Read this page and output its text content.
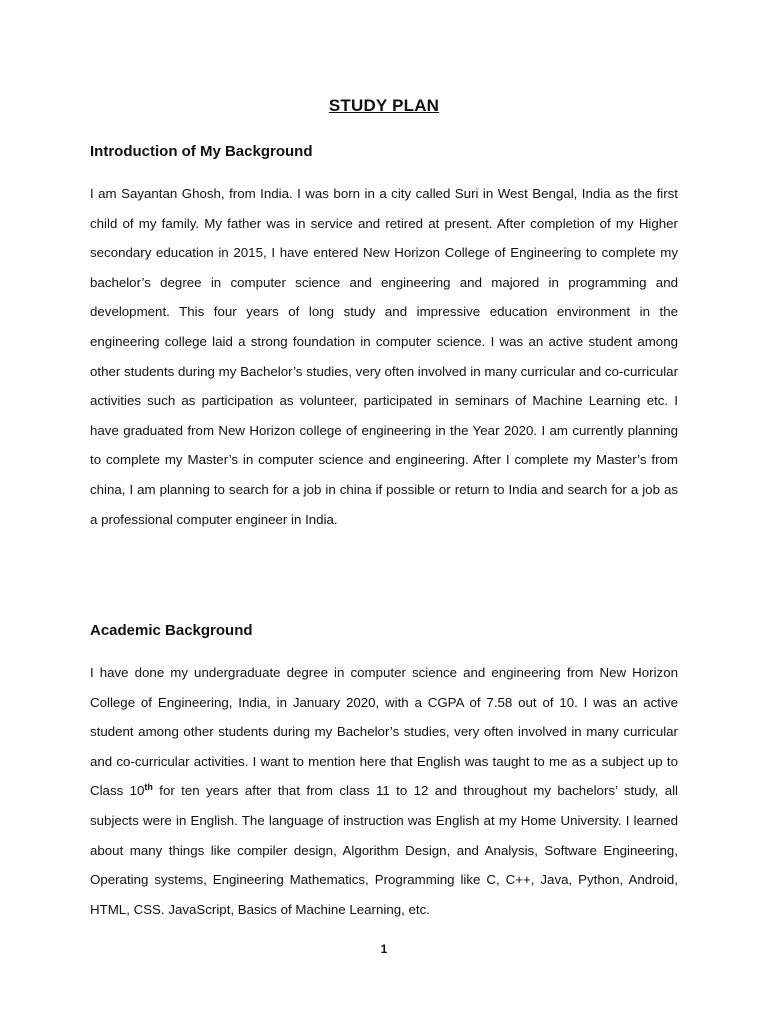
STUDY PLAN
Introduction of My Background

I am Sayantan Ghosh, from India. I was born in a city called Suri in West Bengal, India as the first child of my family. My father was in service and retired at present. After completion of my Higher secondary education in 2015, I have entered New Horizon College of Engineering to complete my bachelor’s degree in computer science and engineering and majored in programming and development. This four years of long study and impressive education environment in the engineering college laid a strong foundation in computer science. I was an active student among other students during my Bachelor’s studies, very often involved in many curricular and co-curricular activities such as participation as volunteer, participated in seminars of Machine Learning etc. I have graduated from New Horizon college of engineering in the Year 2020. I am currently planning to complete my Master’s in computer science and engineering. After I complete my Master’s from china, I am planning to search for a job in china if possible or return to India and search for a job as a professional computer engineer in India.

Academic Background

I have done my undergraduate degree in computer science and engineering from New Horizon College of Engineering, India, in January 2020, with a CGPA of 7.58 out of 10. I was an active student among other students during my Bachelor’s studies, very often involved in many curricular and co-curricular activities. I want to mention here that English was taught to me as a subject up to Class 10th for ten years after that from class 11 to 12 and throughout my bachelors’ study, all subjects were in English. The language of instruction was English at my Home University. I learned about many things like compiler design, Algorithm Design, and Analysis, Software Engineering, Operating systems, Engineering Mathematics, Programming like C, C++, Java, Python, Android, HTML, CSS. JavaScript, Basics of Machine Learning, etc.

1
